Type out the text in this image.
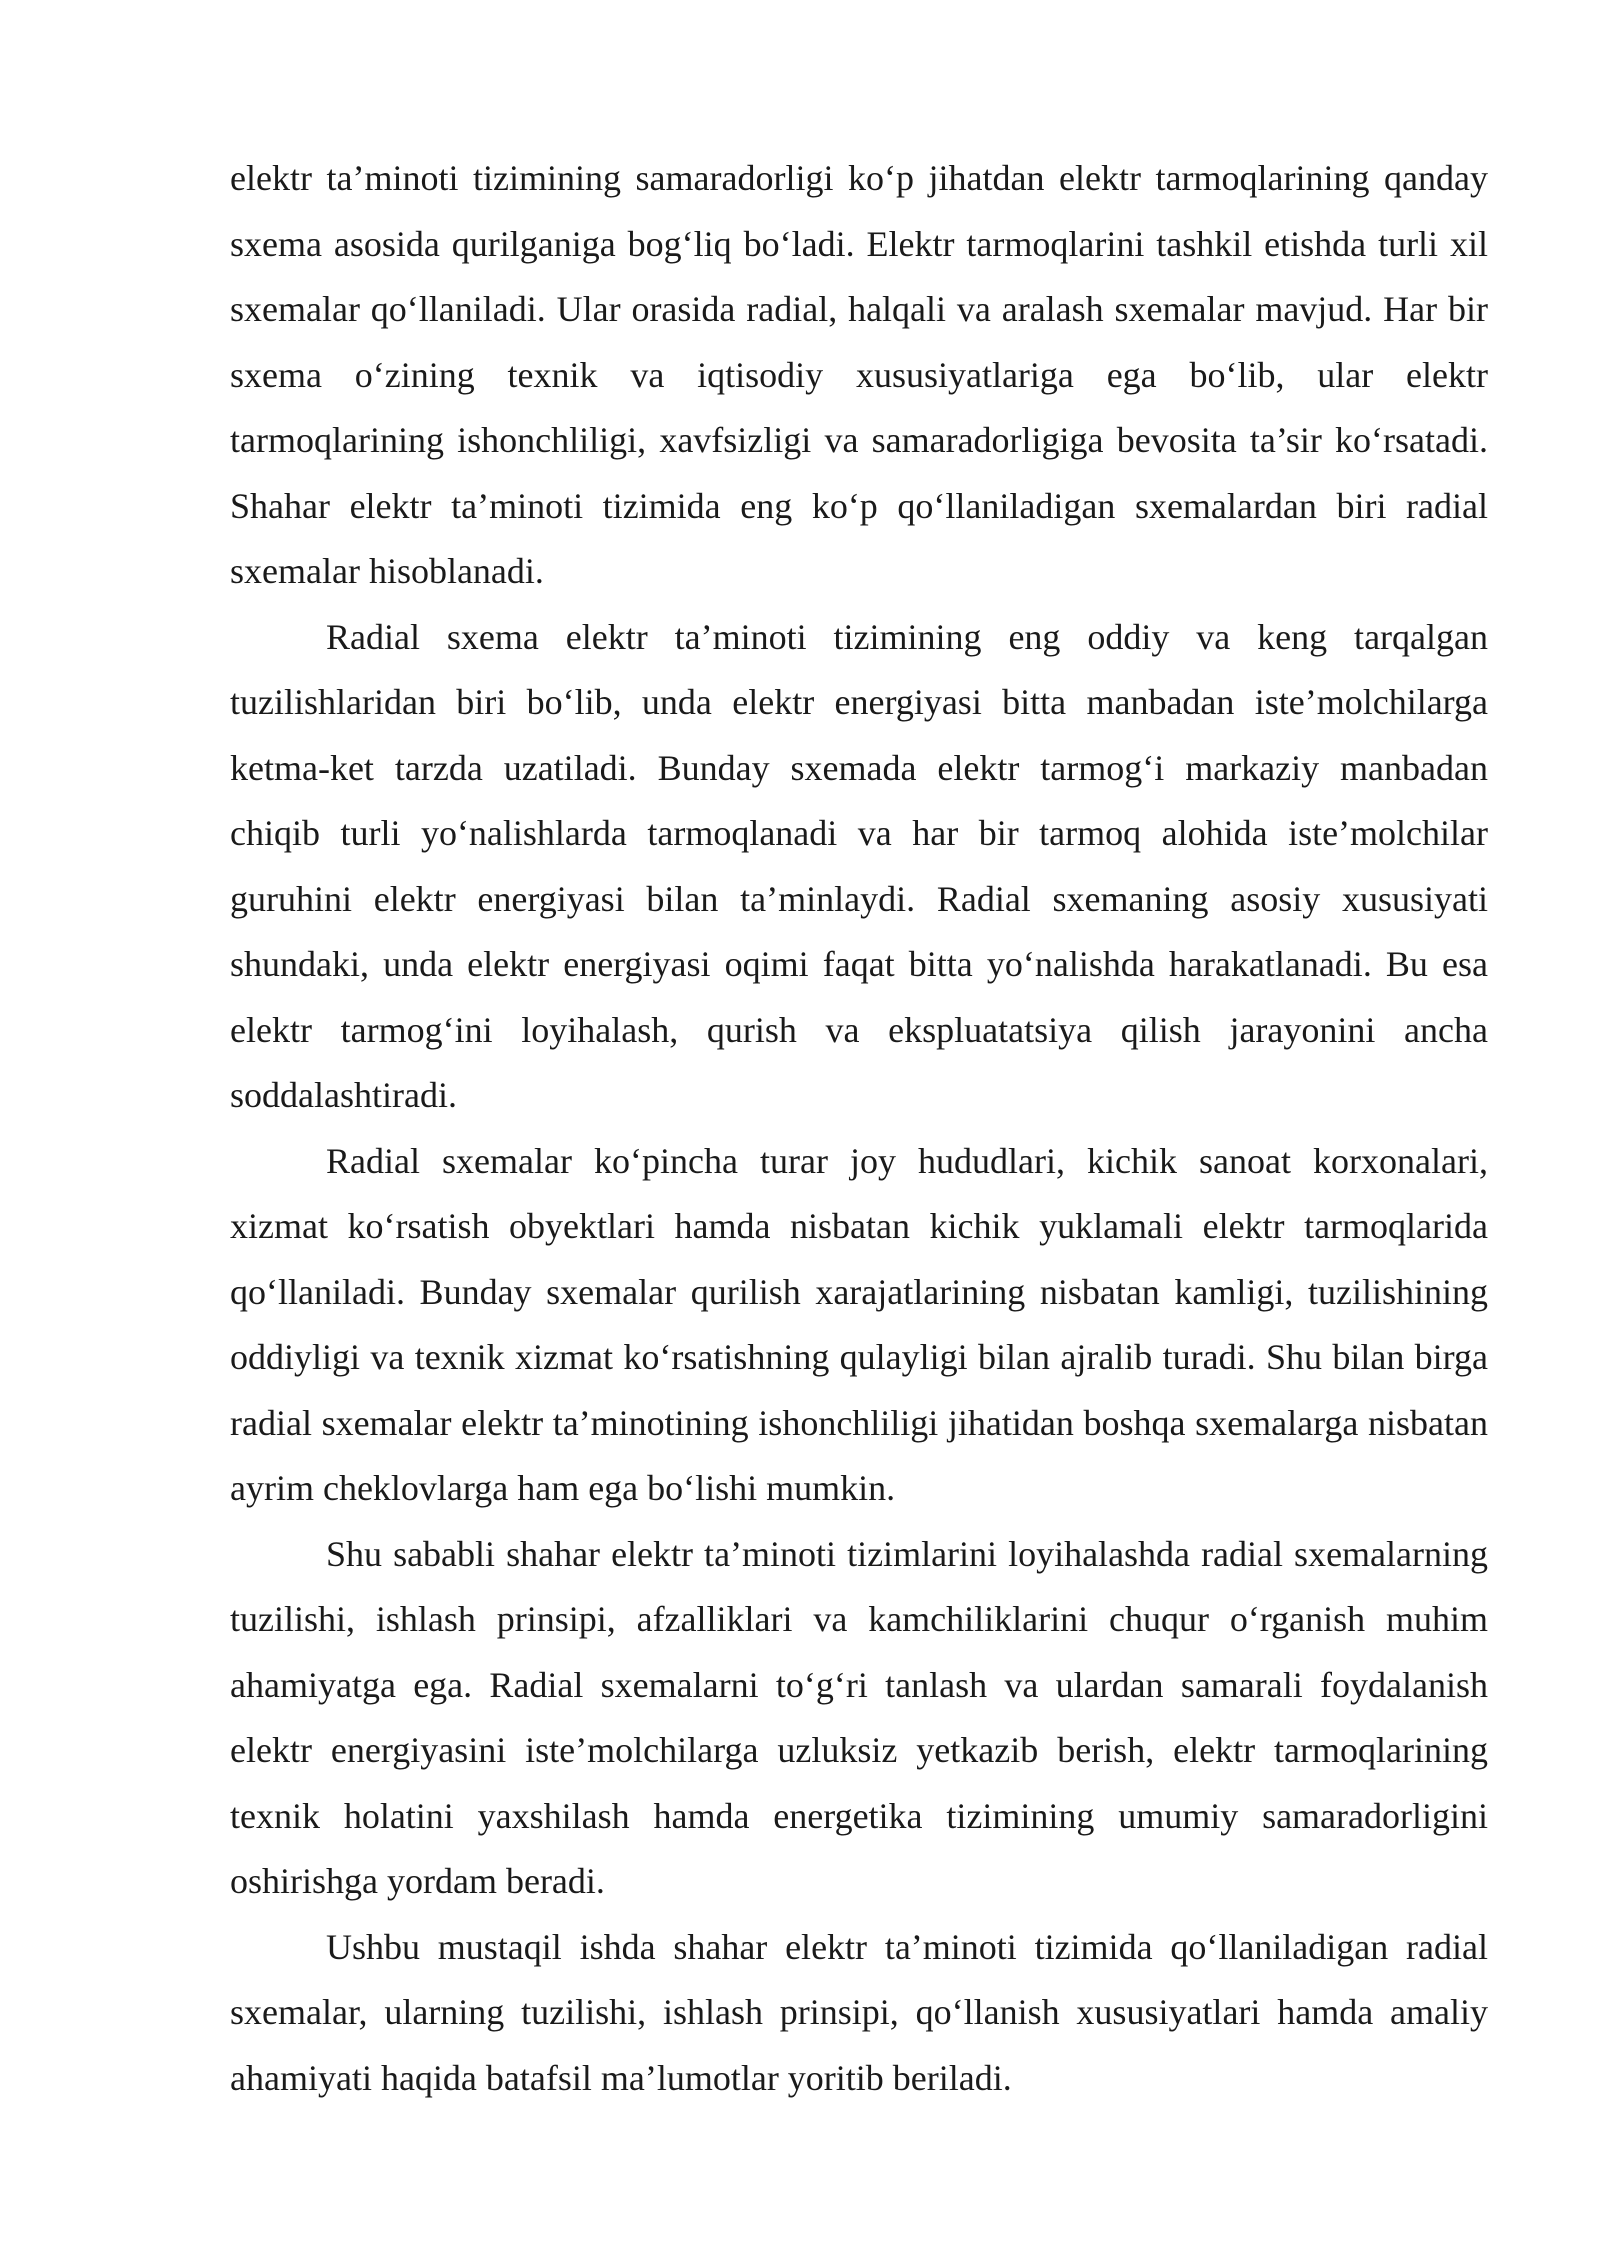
elektr ta’minoti tizimining samaradorligi ko‘p jihatdan elektr tarmoqlarining qanday sxema asosida qurilganiga bog‘liq bo‘ladi. Elektr tarmoqlarini tashkil etishda turli xil sxemalar qo‘llaniladi. Ular orasida radial, halqali va aralash sxemalar mavjud. Har bir sxema o‘zining texnik va iqtisodiy xususiyatlariga ega bo‘lib, ular elektr tarmoqlarining ishonchliligi, xavfsizligi va samaradorligiga bevosita ta’sir ko‘rsatadi. Shahar elektr ta’minoti tizimida eng ko‘p qo‘llaniladigan sxemalardan biri radial sxemalar hisoblanadi.

Radial sxema elektr ta’minoti tizimining eng oddiy va keng tarqalgan tuzilishlaridan biri bo‘lib, unda elektr energiyasi bitta manbadan iste’molchilarga ketma-ket tarzda uzatiladi. Bunday sxemada elektr tarmog‘i markaziy manbadan chiqib turli yo‘nalishlarda tarmoqlanadi va har bir tarmoq alohida iste’molchilar guruhini elektr energiyasi bilan ta’minlaydi. Radial sxemaning asosiy xususiyati shundaki, unda elektr energiyasi oqimi faqat bitta yo‘nalishda harakatlanadi. Bu esa elektr tarmog‘ini loyihalash, qurish va ekspluatatsiya qilish jarayonini ancha soddalashtiradi.

Radial sxemalar ko‘pincha turar joy hududlari, kichik sanoat korxonalari, xizmat ko‘rsatish obyektlari hamda nisbatan kichik yuklamali elektr tarmoqlarida qo‘llaniladi. Bunday sxemalar qurilish xarajatlarining nisbatan kamligi, tuzilishining oddiyligi va texnik xizmat ko‘rsatishning qulayligi bilan ajralib turadi. Shu bilan birga radial sxemalar elektr ta’minotining ishonchliligi jihatidan boshqa sxemalarga nisbatan ayrim cheklovlarga ham ega bo‘lishi mumkin.

Shu sababli shahar elektr ta’minoti tizimlarini loyihalashda radial sxemalarning tuzilishi, ishlash prinsipi, afzalliklari va kamchiliklarini chuqur o‘rganish muhim ahamiyatga ega. Radial sxemalarni to‘g‘ri tanlash va ulardan samarali foydalanish elektr energiyasini iste’molchilarga uzluksiz yetkazib berish, elektr tarmoqlarining texnik holatini yaxshilash hamda energetika tizimining umumiy samaradorligini oshirishga yordam beradi.

Ushbu mustaqil ishda shahar elektr ta’minoti tizimida qo‘llaniladigan radial sxemalar, ularning tuzilishi, ishlash prinsipi, qo‘llanish xususiyatlari hamda amaliy ahamiyati haqida batafsil ma’lumotlar yoritib beriladi.
